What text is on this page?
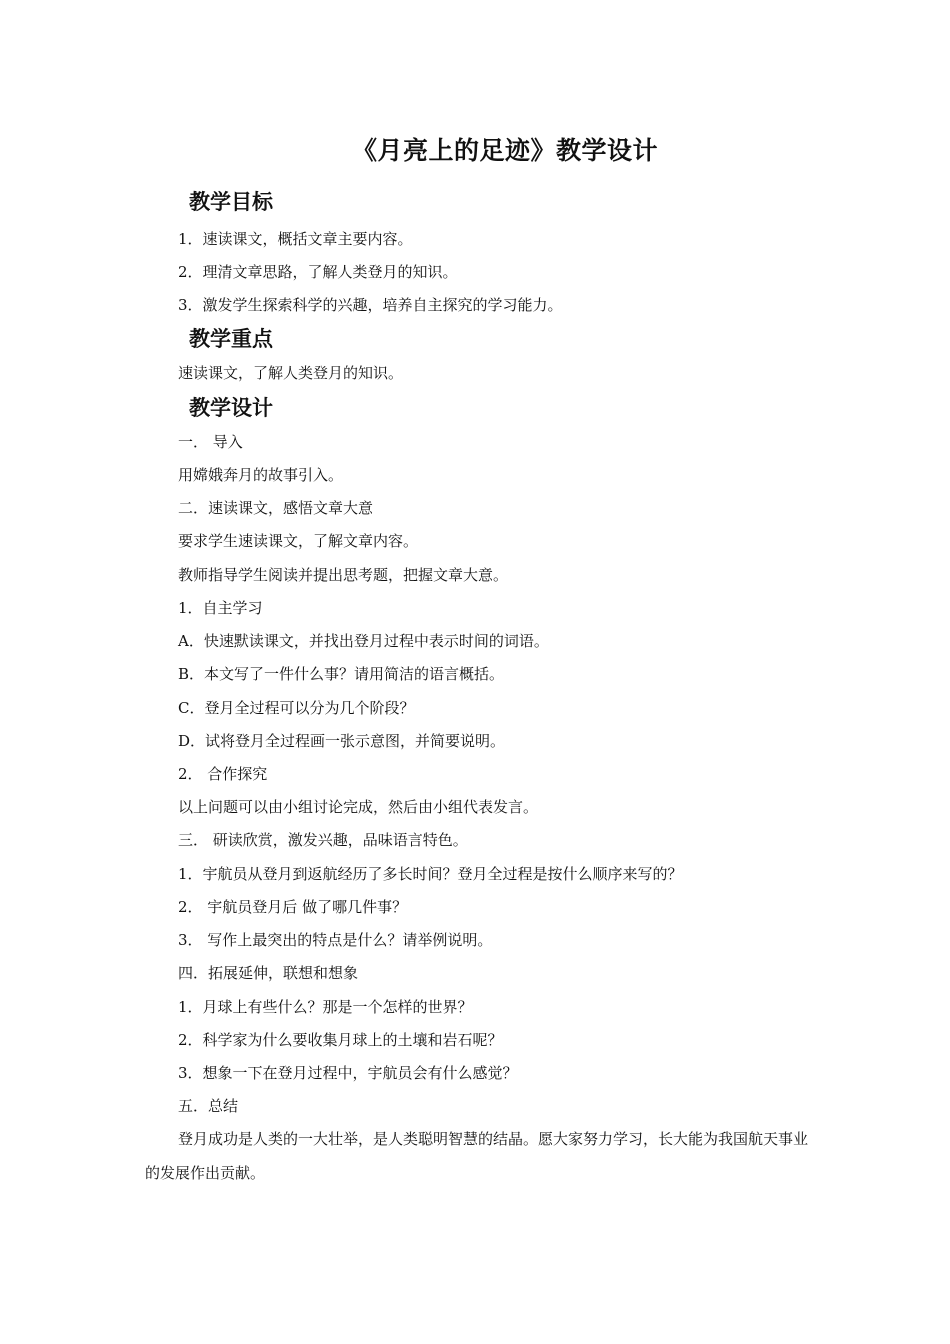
《月亮上的足迹》教学设计
教学目标
1．速读课文，概括文章主要内容。
2．理清文章思路，了解人类登月的知识。
3．激发学生探索科学的兴趣，培养自主探究的学习能力。
教学重点
速读课文，了解人类登月的知识。
教学设计
一． 导入
用嫦娥奔月的故事引入。
二．速读课文，感悟文章大意
要求学生速读课文，了解文章内容。
教师指导学生阅读并提出思考题，把握文章大意。
1．自主学习
A．快速默读课文，并找出登月过程中表示时间的词语。
B．本文写了一件什么事？请用简洁的语言概括。
C．登月全过程可以分为几个阶段？
D．试将登月全过程画一张示意图，并简要说明。
2． 合作探究
以上问题可以由小组讨论完成，然后由小组代表发言。
三． 研读欣赏，激发兴趣，品味语言特色。
1．宇航员从登月到返航经历了多长时间？登月全过程是按什么顺序来写的？
2． 宇航员登月后 做了哪几件事？
3． 写作上最突出的特点是什么？请举例说明。
四．拓展延伸，联想和想象
1．月球上有些什么？那是一个怎样的世界？
2．科学家为什么要收集月球上的土壤和岩石呢？
3．想象一下在登月过程中，宇航员会有什么感觉？
五．总结
登月成功是人类的一大壮举，是人类聪明智慧的结晶。愿大家努力学习，长大能为我国航天事业的发展作出贡献。
